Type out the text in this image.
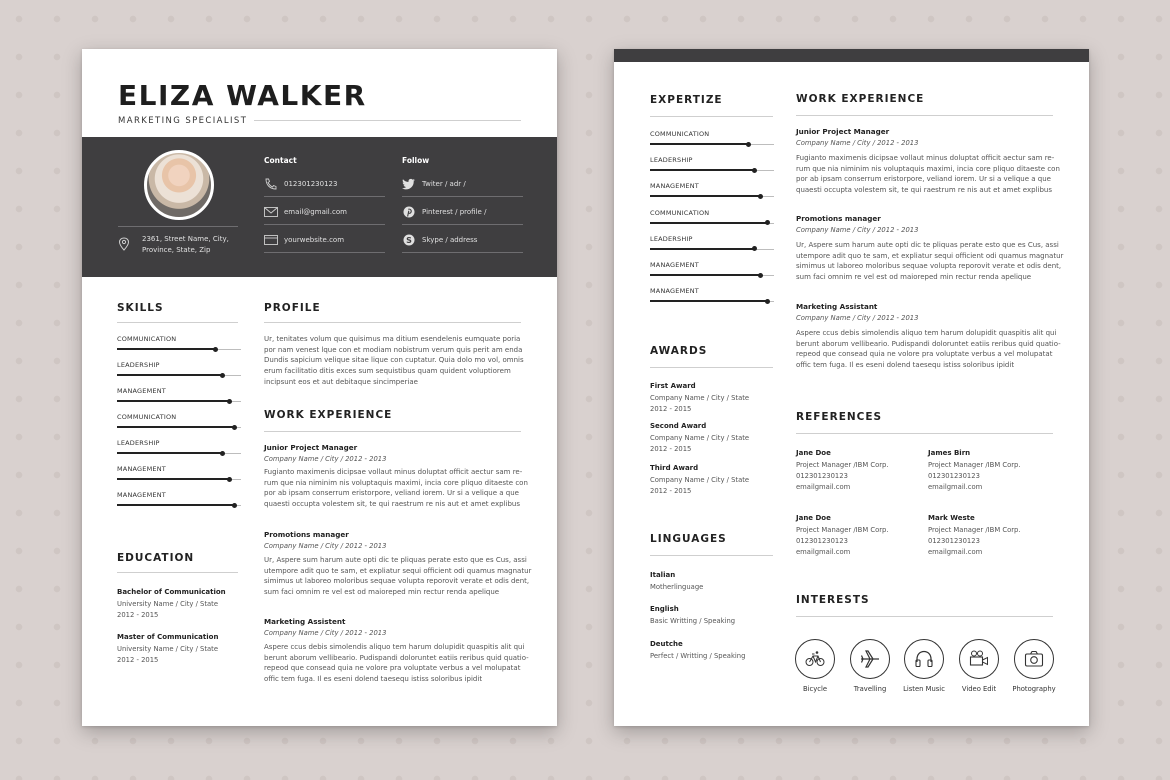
ELIZA WALKER
MARKETING SPECIALIST
2361, Street Name, City,
Province, State, Zip
Contact
012301230123
email@gmail.com
yourwebsite.com
Follow
Twiter / adr /
Pinterest / profile /
S Skype / address
SKILLS
COMMUNICATION
LEADERSHIP
MANAGEMENT
COMMUNICATION
LEADERSHIP
MANAGEMENT
MANAGEMENT
EDUCATION
Bachelor of Communication
University Name / City / State
2012 - 2015
Master of Communication
University Name / City / State
2012 - 2015
PROFILE
Ur, tenitates volum que quisimus ma ditium esendelenis eumquate poria
por nam venest lque con et modiam nobistrum verum quis perit am enda
Dundis sapicium velique sitae lique con cuptatur. Quia dolo mo vol, omnis
erum facilitatio ditis exces sum sequistibus quam quident voluptiorem
incipsunt eos et aut debitaque sincimperiae
WORK EXPERIENCE
Junior Project Manager
Company Name / City / 2012 - 2013
Fugianto maximenis dicipsae vollaut minus doluptat officit aectur sam re-
rum que nia niminim nis voluptaquis maximi, incia core pliquo ditaeste con
por ab ipsam conserrum eristorpore, veliand iorem. Ur si a velique a que
quaesti occupta volestem sit, te qui raestrum re nis aut et amet explibus
Promotions manager
Company Name / City / 2012 - 2013
Ur, Aspere sum harum aute opti dic te pliquas perate esto que es Cus, assi
utempore adit quo te sam, et expliatur sequi officient odi quamus magnatur
simimus ut laboreo moloribus sequae volupta reporovit verate et odis dent,
sum faci omnim re vel est od maioreped min rectur renda apelique
Marketing Assistent
Company Name / City / 2012 - 2013
Aspere ccus debis simolendis aliquo tem harum dolupidit quaspitis alit qui
berunt aborum vellibeario. Pudispandi doloruntet eatiis reribus quid quatio-
repeod que consead quia ne volore pra voluptate verbus a vel molupatat
offic tem fuga. Il es eseni dolend taesequ istiss soloribus ipidit
EXPERTIZE
COMMUNICATION
LEADERSHIP
MANAGEMENT
COMMUNICATION
LEADERSHIP
MANAGEMENT
MANAGEMENT
AWARDS
First Award
Company Name / City / State
2012 - 2015
Second Award
Company Name / City / State
2012 - 2015
Third Award
Company Name / City / State
2012 - 2015
LINGUAGES
Italian
Motherlinguage
English
Basic Writting / Speaking
Deutche
Perfect / Writting / Speaking
WORK EXPERIENCE
Junior Project Manager
Company Name / City / 2012 - 2013
Fugianto maximenis dicipsae vollaut minus doluptat officit aectur sam re-
rum que nia niminim nis voluptaquis maximi, incia core pliquo ditaeste con
por ab ipsam conserrum eristorpore, veliand iorem. Ur si a velique a que
quaesti occupta volestem sit, te qui raestrum re nis aut et amet explibus
Promotions manager
Company Name / City / 2012 - 2013
Ur, Aspere sum harum aute opti dic te pliquas perate esto que es Cus, assi
utempore adit quo te sam, et expliatur sequi officient odi quamus magnatur
simimus ut laboreo moloribus sequae volupta reporovit verate et odis dent,
sum faci omnim re vel est od maioreped min rectur renda apelique
Marketing Assistant
Company Name / City / 2012 - 2013
Aspere ccus debis simolendis aliquo tem harum dolupidit quaspitis alit qui
berunt aborum vellibeario. Pudispandi doloruntet eatiis reribus quid quatio-
repeod que consead quia ne volore pra voluptate verbus a vel molupatat
offic tem fuga. Il es eseni dolend taesequ istiss soloribus ipidit
REFERENCES
Jane Doe
Project Manager /IBM Corp.
012301230123
emailgmail.com
James Birn
Project Manager /IBM Corp.
012301230123
emailgmail.com
Jane Doe
Project Manager /IBM Corp.
012301230123
emailgmail.com
Mark Weste
Project Manager /IBM Corp.
012301230123
emailgmail.com
INTERESTS
Bicycle	Travelling	Listen Music	Video Edit	Photography
